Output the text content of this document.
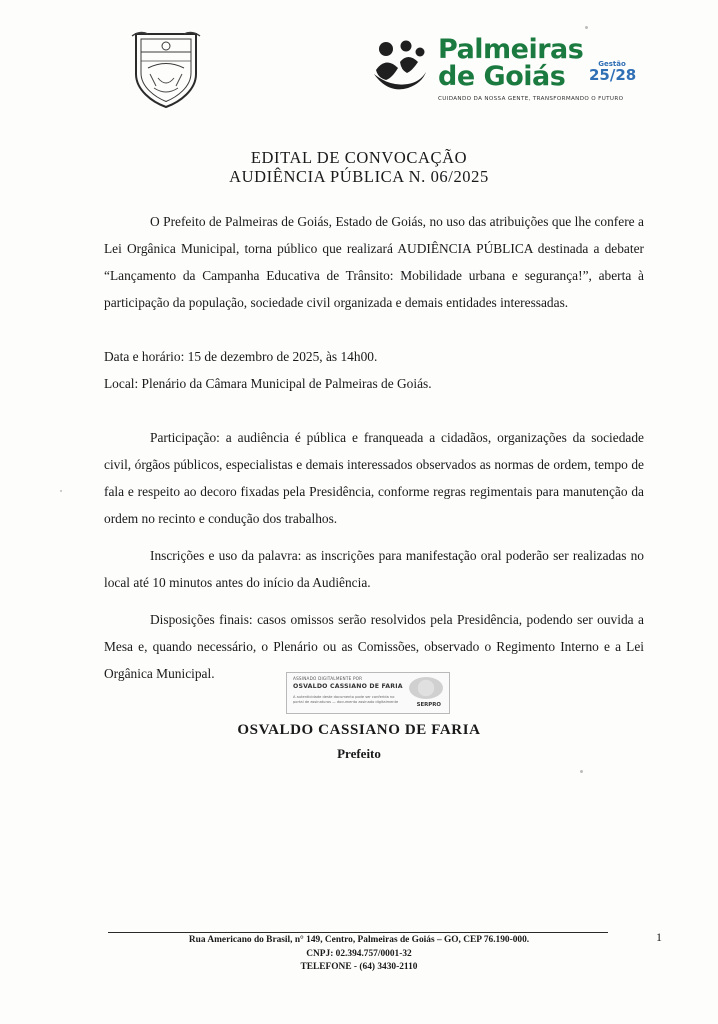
Palmeiras
de Goiás	Gestão
25/28
CUIDANDO DA NOSSA GENTE, TRANSFORMANDO O FUTURO
EDITAL DE CONVOCAÇÃO
AUDIÊNCIA PÚBLICA N. 06/2025

O Prefeito de Palmeiras de Goiás, Estado de Goiás, no uso das atribuições que lhe confere a Lei Orgânica Municipal, torna público que realizará AUDIÊNCIA PÚBLICA destinada a debater “Lançamento da Campanha Educativa de Trânsito: Mobilidade urbana e segurança!”, aberta à participação da população, sociedade civil organizada e demais entidades interessadas.

Data e horário: 15 de dezembro de 2025, às 14h00.

Local: Plenário da Câmara Municipal de Palmeiras de Goiás.

Participação: a audiência é pública e franqueada a cidadãos, organizações da sociedade civil, órgãos públicos, especialistas e demais interessados observados as normas de ordem, tempo de fala e respeito ao decoro fixadas pela Presidência, conforme regras regimentais para manutenção da ordem no recinto e condução dos trabalhos.

Inscrições e uso da palavra: as inscrições para manifestação oral poderão ser realizadas no local até 10 minutos antes do início da Audiência.

Disposições finais: casos omissos serão resolvidos pela Presidência, podendo ser ouvida a Mesa e, quando necessário, o Plenário ou as Comissões, observado o Regimento Interno e a Lei Orgânica Municipal.	ASSINADO DIGITALMENTE POR
OSVALDO CASSIANO DE FARIA
A autenticidade deste documento pode ser conferida no portal de assinaturas — documento assinado digitalmente	SERPRO
OSVALDO CASSIANO DE FARIA
Prefeito
Rua Americano do Brasil, n° 149, Centro, Palmeiras de Goiás – GO, CEP 76.190-000.
CNPJ: 02.394.757/0001-32
TELEFONE - (64) 3430-2110
1
